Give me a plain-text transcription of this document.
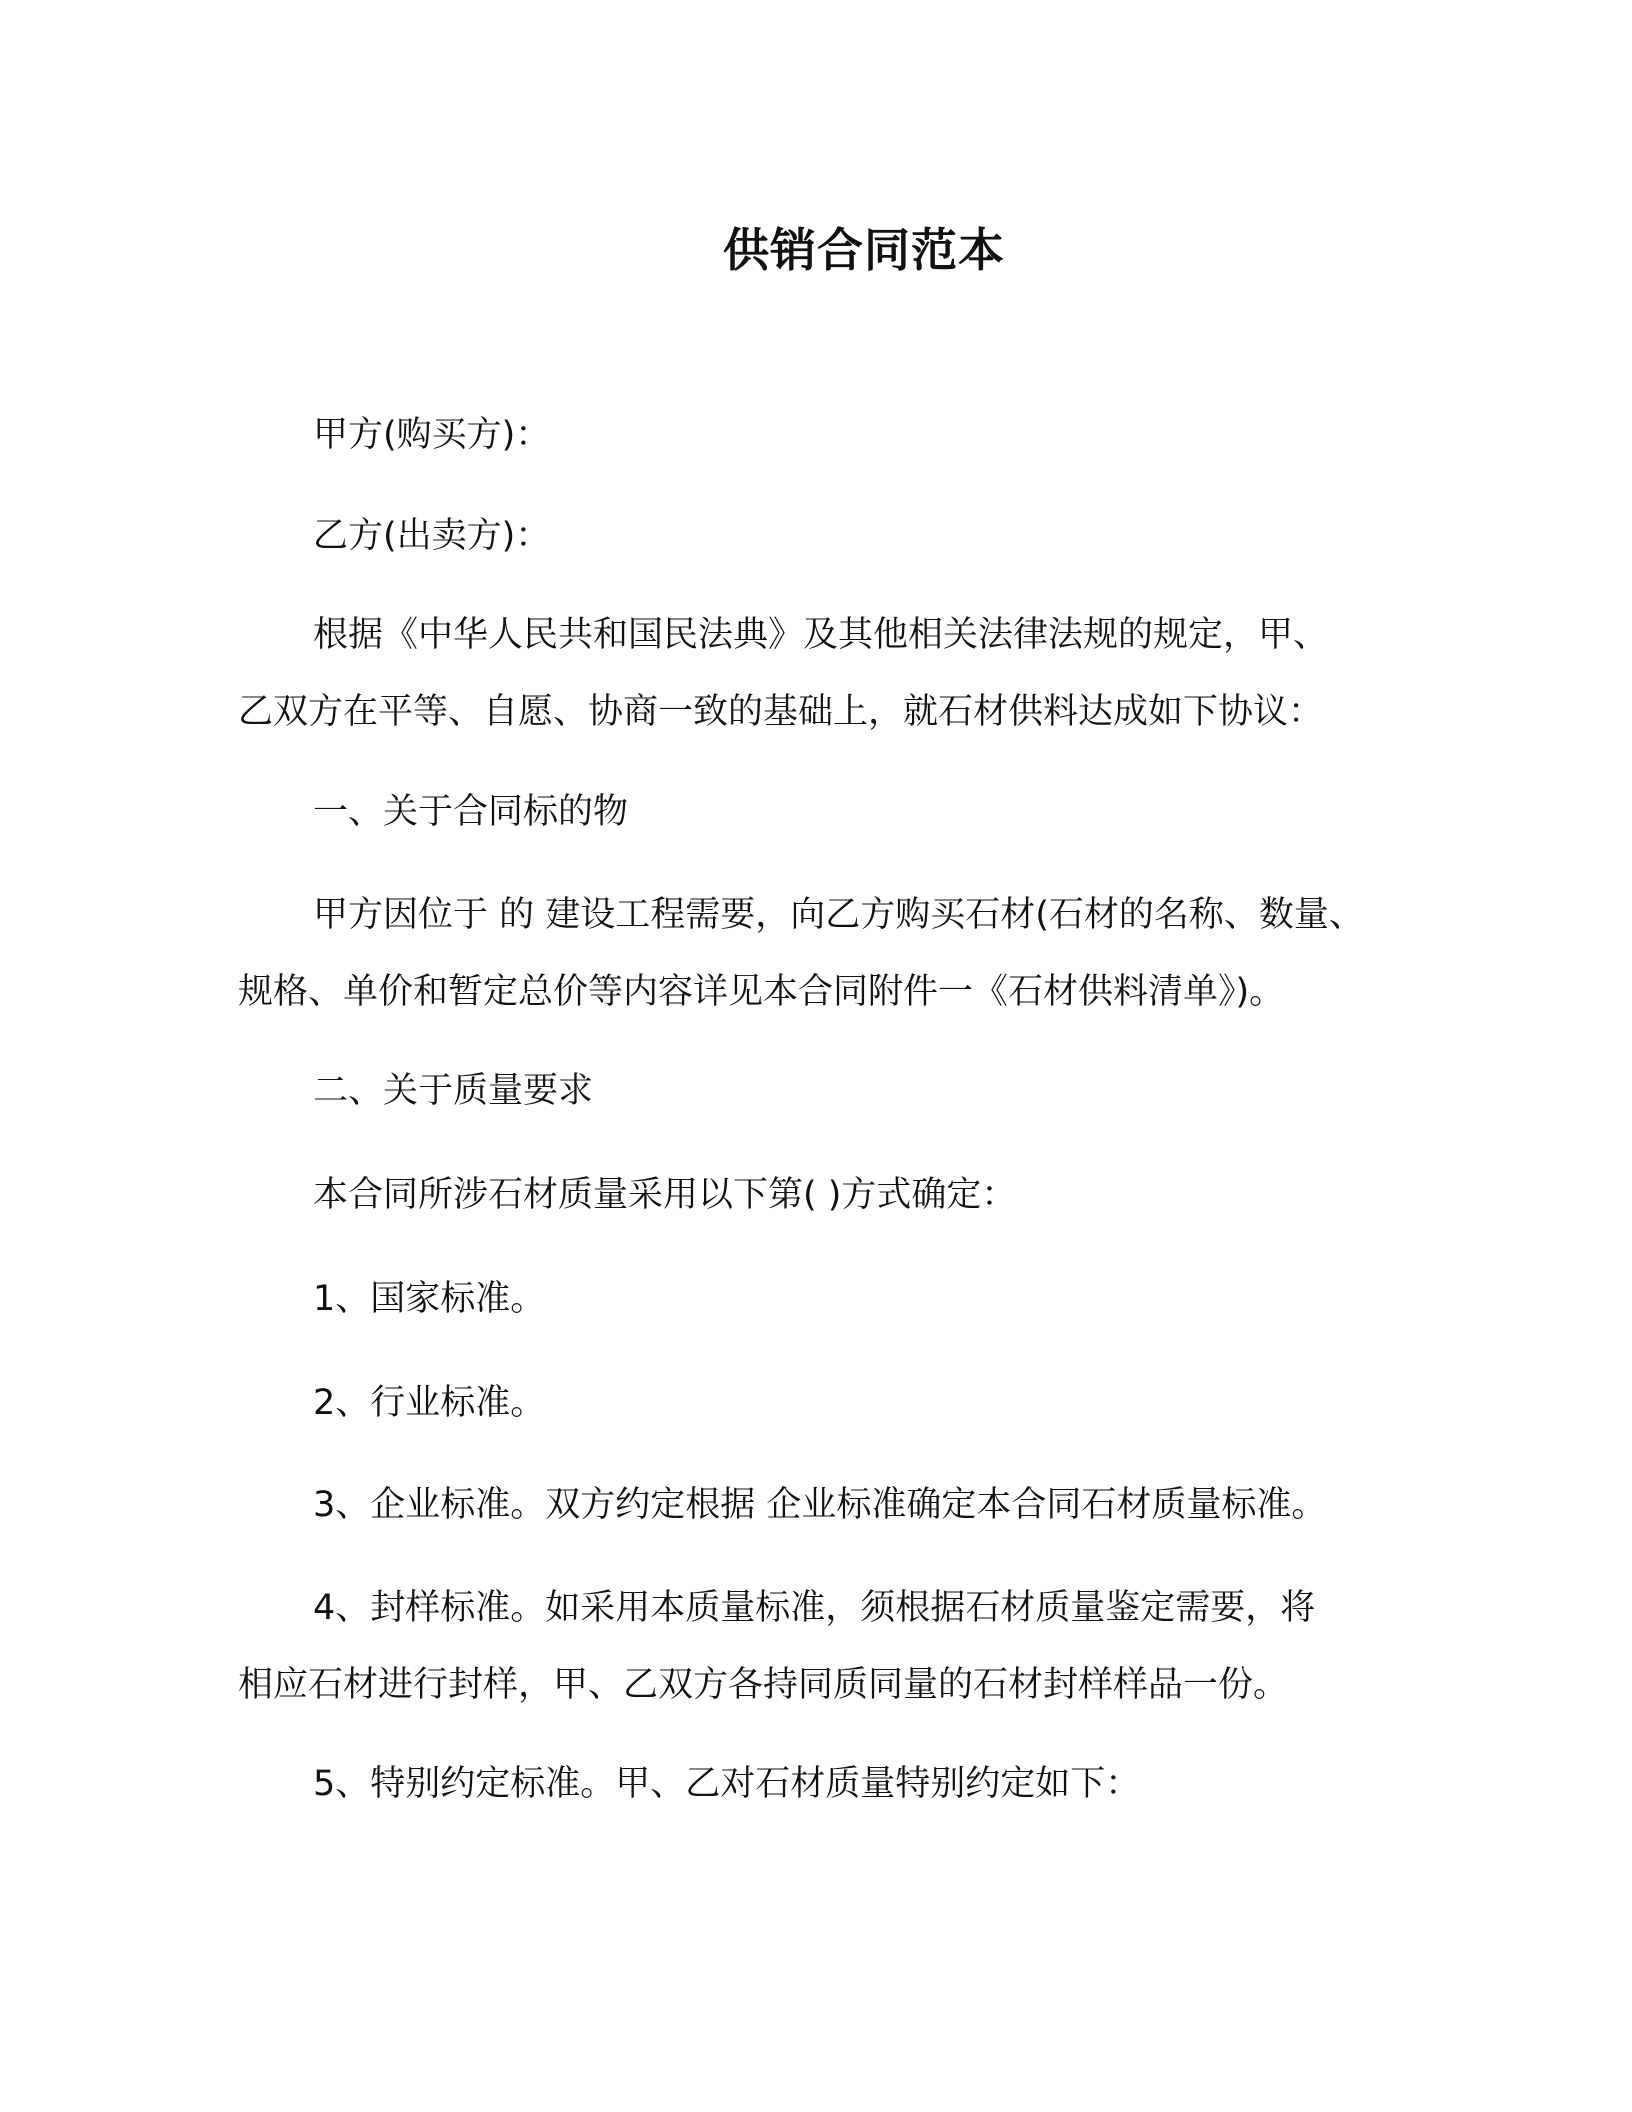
供销合同范本
甲方(购买方)：
乙方(出卖方)：
根据《中华人民共和国民法典》及其他相关法律法规的规定，甲、
乙双方在平等、自愿、协商一致的基础上，就石材供料达成如下协议：
一、关于合同标的物
甲方因位于 的 建设工程需要，向乙方购买石材(石材的名称、数量、
规格、单价和暂定总价等内容详见本合同附件一《石材供料清单》)。
二、关于质量要求
本合同所涉石材质量采用以下第( )方式确定：
1、国家标准。
2、行业标准。
3、企业标准。双方约定根据 企业标准确定本合同石材质量标准。
4、封样标准。如采用本质量标准，须根据石材质量鉴定需要，将
相应石材进行封样，甲、乙双方各持同质同量的石材封样样品一份。
5、特别约定标准。甲、乙对石材质量特别约定如下：
